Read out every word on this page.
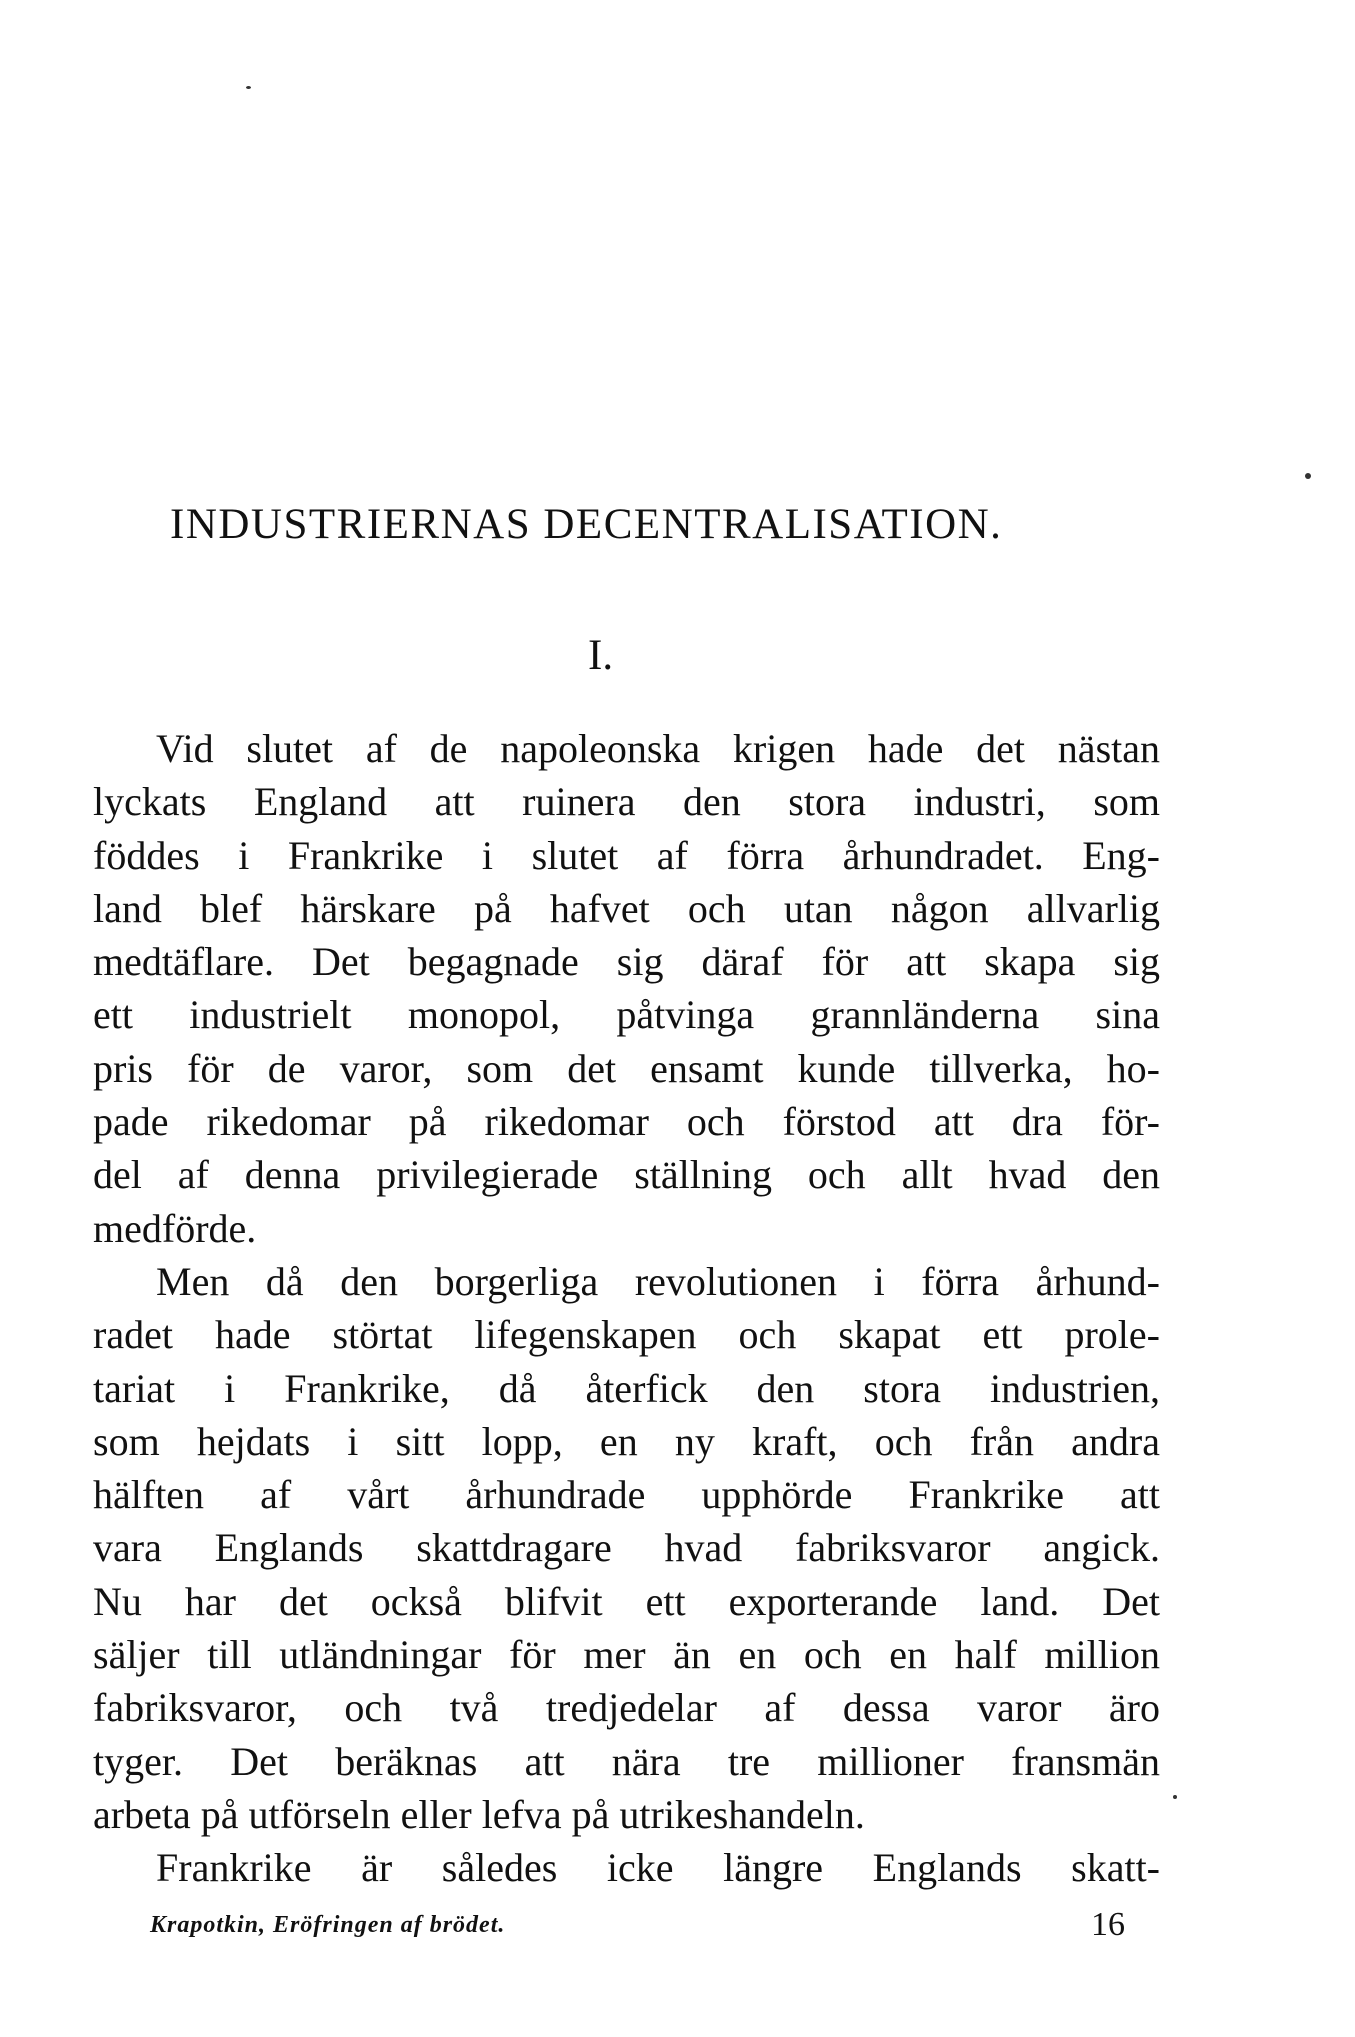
INDUSTRIERNAS DECENTRALISATION.
I.
Vid slutet af de napoleonska krigen hade det nästan
lyckats England att ruinera den stora industri, som
föddes i Frankrike i slutet af förra århundradet. Eng-
land blef härskare på hafvet och utan någon allvarlig
medtäflare. Det begagnade sig däraf för att skapa sig
ett industrielt monopol, påtvinga grannländerna sina
pris för de varor, som det ensamt kunde tillverka, ho-
pade rikedomar på rikedomar och förstod att dra för-
del af denna privilegierade ställning och allt hvad den
medförde.
Men då den borgerliga revolutionen i förra århund-
radet hade störtat lifegenskapen och skapat ett prole-
tariat i Frankrike, då återfick den stora industrien,
som hejdats i sitt lopp, en ny kraft, och från andra
hälften af vårt århundrade upphörde Frankrike att
vara Englands skattdragare hvad fabriksvaror angick.
Nu har det också blifvit ett exporterande land. Det
säljer till utländningar för mer än en och en half million
fabriksvaror, och två tredjedelar af dessa varor äro
tyger. Det beräknas att nära tre millioner fransmän
arbeta på utförseln eller lefva på utrikeshandeln.
Frankrike är således icke längre Englands skatt-
Krapotkin, Eröfringen af brödet.	16
